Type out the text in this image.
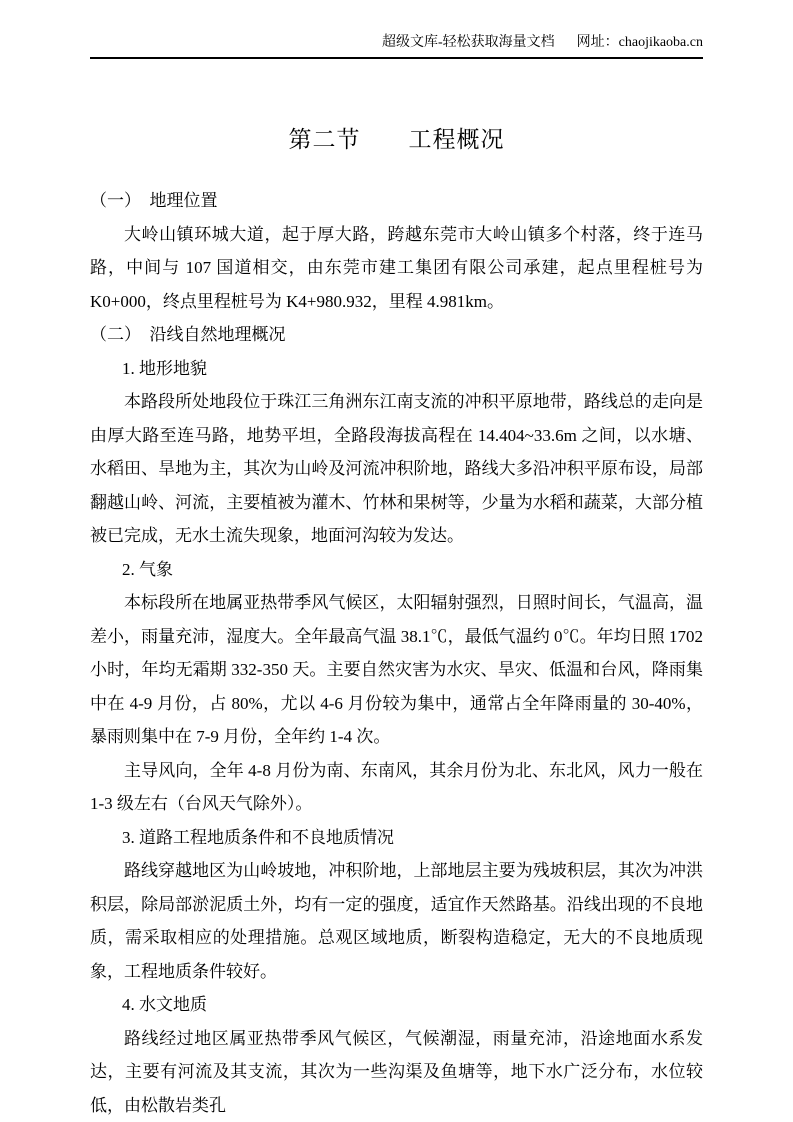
超级文库-轻松获取海量文档 网址：chaojikaoba.cn
第二节　　工程概况

（一）　地理位置

大岭山镇环城大道，起于厚大路，跨越东莞市大岭山镇多个村落，终于连马路，中间与 107 国道相交，由东莞市建工集团有限公司承建，起点里程桩号为 K0+000，终点里程桩号为 K4+980.932，里程 4.981km。

（二）　沿线自然地理概况

1. 地形地貌

本路段所处地段位于珠江三角洲东江南支流的冲积平原地带，路线总的走向是由厚大路至连马路，地势平坦，全路段海拔高程在 14.404~33.6m 之间，以水塘、水稻田、旱地为主，其次为山岭及河流冲积阶地，路线大多沿冲积平原布设，局部翻越山岭、河流，主要植被为灌木、竹林和果树等，少量为水稻和蔬菜，大部分植被已完成，无水土流失现象，地面河沟较为发达。

2. 气象

本标段所在地属亚热带季风气候区，太阳辐射强烈，日照时间长，气温高，温差小，雨量充沛，湿度大。全年最高气温 38.1℃，最低气温约 0℃。年均日照 1702 小时，年均无霜期 332-350 天。主要自然灾害为水灾、旱灾、低温和台风，降雨集中在 4-9 月份，占 80%，尤以 4-6 月份较为集中，通常占全年降雨量的 30-40%，暴雨则集中在 7-9 月份，全年约 1-4 次。

主导风向，全年 4-8 月份为南、东南风，其余月份为北、东北风，风力一般在 1-3 级左右（台风天气除外）。

3. 道路工程地质条件和不良地质情况

路线穿越地区为山岭坡地，冲积阶地，上部地层主要为残坡积层，其次为冲洪积层，除局部淤泥质土外，均有一定的强度，适宜作天然路基。沿线出现的不良地质，需采取相应的处理措施。总观区域地质，断裂构造稳定，无大的不良地质现象，工程地质条件较好。

4. 水文地质

路线经过地区属亚热带季风气候区，气候潮湿，雨量充沛，沿途地面水系发达，主要有河流及其支流，其次为一些沟渠及鱼塘等，地下水广泛分布，水位较低，由松散岩类孔
